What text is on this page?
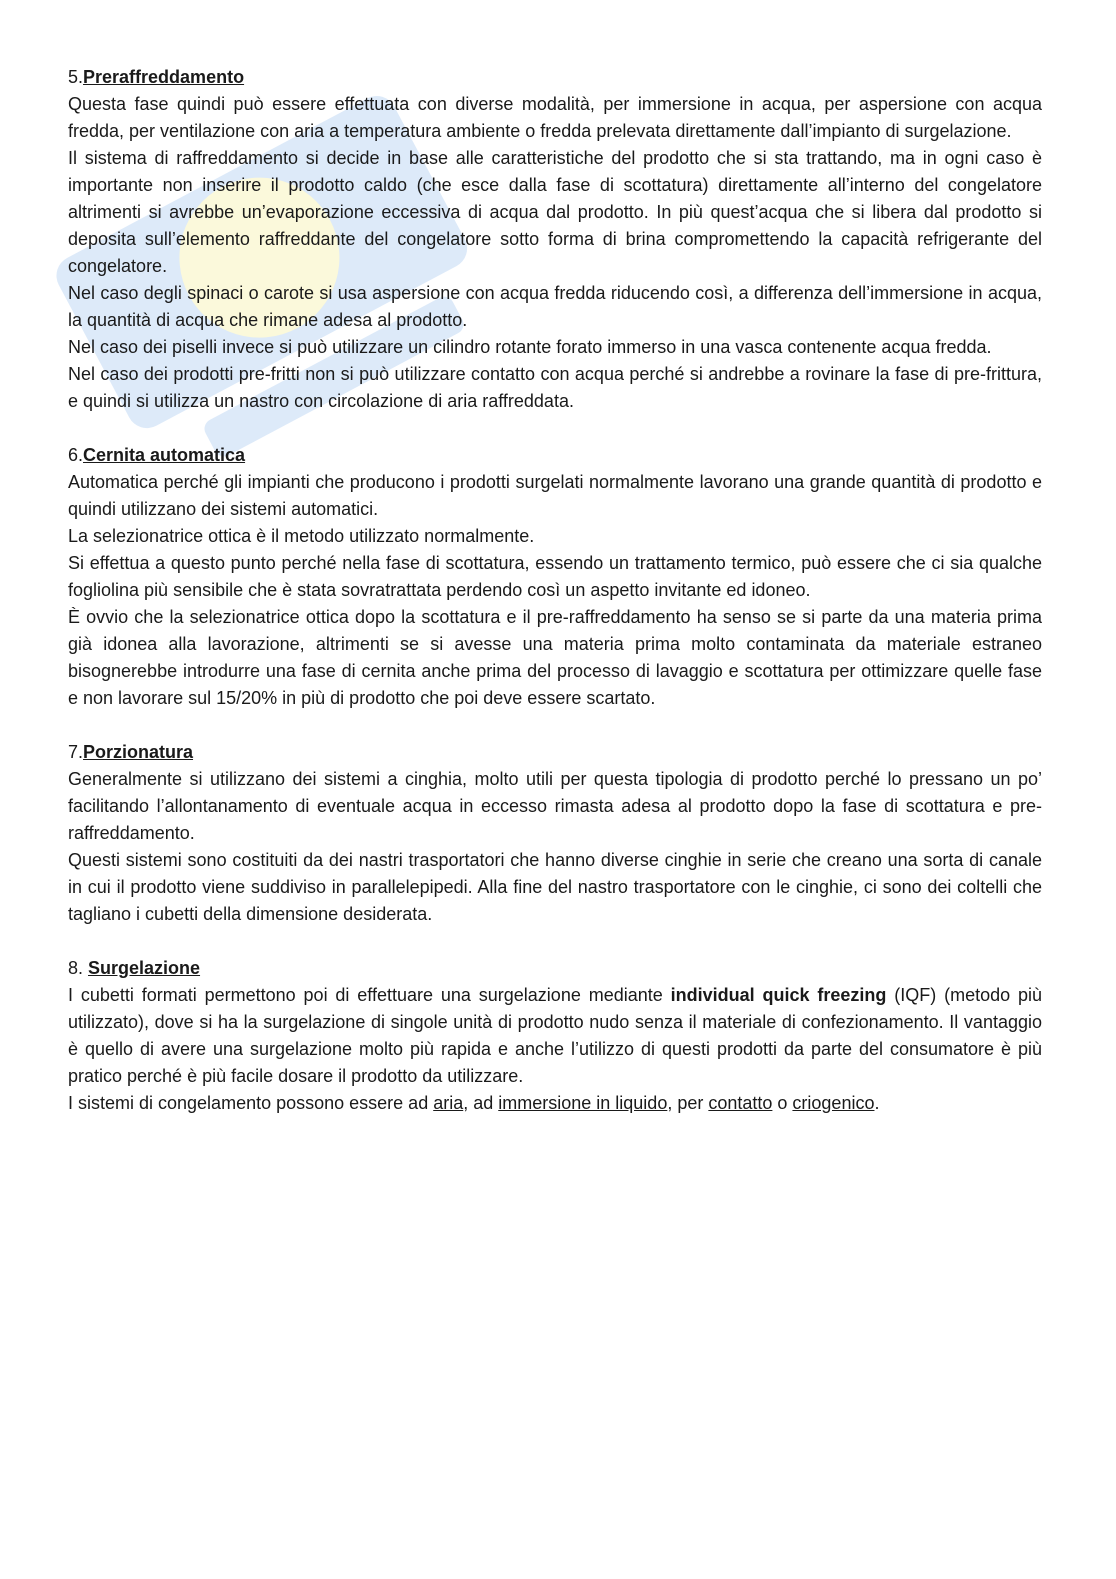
5.Preraffreddamento

Questa fase quindi può essere effettuata con diverse modalità, per immersione in acqua, per aspersione con acqua fredda, per ventilazione con aria a temperatura ambiente o fredda prelevata direttamente dall’impianto di surgelazione.

Il sistema di raffreddamento si decide in base alle caratteristiche del prodotto che si sta trattando, ma in ogni caso è importante non inserire il prodotto caldo (che esce dalla fase di scottatura) direttamente all’interno del congelatore altrimenti si avrebbe un’evaporazione eccessiva di acqua dal prodotto. In più quest’acqua che si libera dal prodotto si deposita sull’elemento raffreddante del congelatore sotto forma di brina compromettendo la capacità refrigerante del congelatore.

Nel caso degli spinaci o carote si usa aspersione con acqua fredda riducendo così, a differenza dell’immersione in acqua, la quantità di acqua che rimane adesa al prodotto.

Nel caso dei piselli invece si può utilizzare un cilindro rotante forato immerso in una vasca contenente acqua fredda.

Nel caso dei prodotti pre-fritti non si può utilizzare contatto con acqua perché si andrebbe a rovinare la fase di pre-frittura, e quindi si utilizza un nastro con circolazione di aria raffreddata.

6.Cernita automatica

Automatica perché gli impianti che producono i prodotti surgelati normalmente lavorano una grande quantità di prodotto e quindi utilizzano dei sistemi automatici.

La selezionatrice ottica è il metodo utilizzato normalmente.

Si effettua a questo punto perché nella fase di scottatura, essendo un trattamento termico, può essere che ci sia qualche fogliolina più sensibile che è stata sovratrattata perdendo così un aspetto invitante ed idoneo.

È ovvio che la selezionatrice ottica dopo la scottatura e il pre-raffreddamento ha senso se si parte da una materia prima già idonea alla lavorazione, altrimenti se si avesse una materia prima molto contaminata da materiale estraneo bisognerebbe introdurre una fase di cernita anche prima del processo di lavaggio e scottatura per ottimizzare quelle fase e non lavorare sul 15/20% in più di prodotto che poi deve essere scartato.

7.Porzionatura

Generalmente si utilizzano dei sistemi a cinghia, molto utili per questa tipologia di prodotto perché lo pressano un po’ facilitando l’allontanamento di eventuale acqua in eccesso rimasta adesa al prodotto dopo la fase di scottatura e pre-raffreddamento.

Questi sistemi sono costituiti da dei nastri trasportatori che hanno diverse cinghie in serie che creano una sorta di canale in cui il prodotto viene suddiviso in parallelepipedi. Alla fine del nastro trasportatore con le cinghie, ci sono dei coltelli che tagliano i cubetti della dimensione desiderata.

8. Surgelazione

I cubetti formati permettono poi di effettuare una surgelazione mediante individual quick freezing (IQF) (metodo più utilizzato), dove si ha la surgelazione di singole unità di prodotto nudo senza il materiale di confezionamento. Il vantaggio è quello di avere una surgelazione molto più rapida e anche l’utilizzo di questi prodotti da parte del consumatore è più pratico perché è più facile dosare il prodotto da utilizzare.

I sistemi di congelamento possono essere ad aria, ad immersione in liquido, per contatto o criogenico.
